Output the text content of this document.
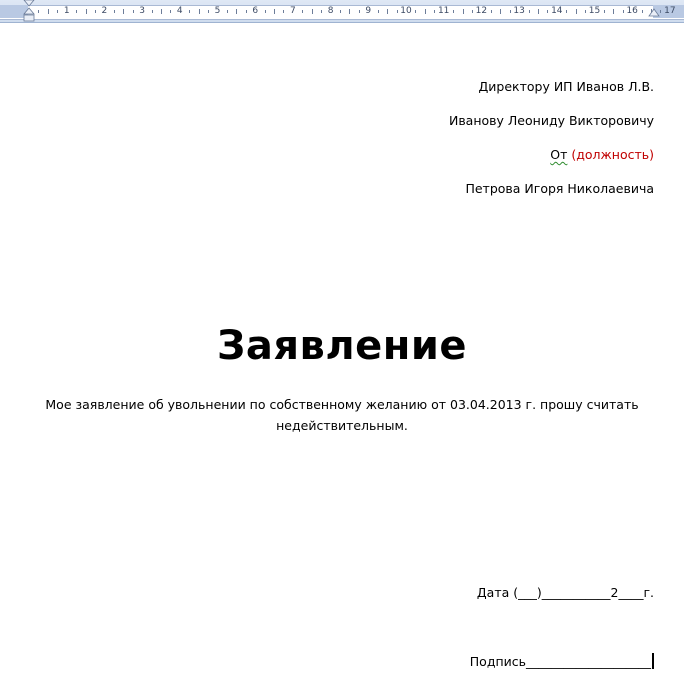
1	2	3	4	5	6	7	8	9	10	11	12	13	14	15	16	17
Директору ИП Иванов Л.В.
Иванову Леониду Викторовичу
От (должность)
Петрова Игоря Николаевича
Заявление
Мое заявление об увольнении по собственному желанию от 03.04.2013 г. прошу считать недействительным.
Дата (___)___________2____г.
Подпись____________________
